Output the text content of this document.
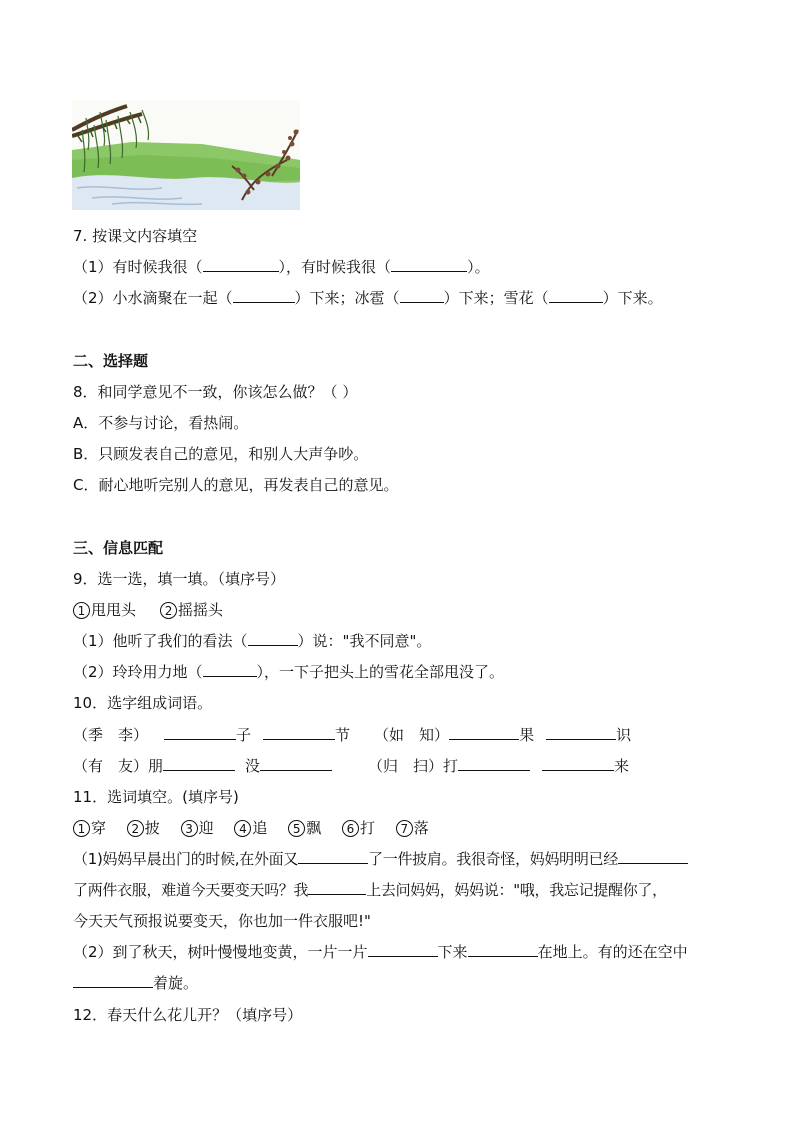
7. 按课文内容填空
（1）有时候我很（	），有时候我很（	）。
（2）小水滴聚在一起（	）下来；冰雹（	）下来；雪花（	）下来。
二、选择题
8．和同学意见不一致，你该怎么做？（ ）
A．不参与讨论，看热闹。
B．只顾发表自己的意见，和别人大声争吵。
C．耐心地听完别人的意见，再发表自己的意见。
三、信息匹配
9．选一选，填一填。（填序号）
1 甩甩头 2 摇摇头
（1）他听了我们的看法（	）说："我不同意"。
（2）玲玲用力地（	），一下子把头上的雪花全部甩没了。
10．选字组成词语。
（季　李）	子	节 （如　知）	果	识
（有　友）朋	没	（归　扫）打	来
11．选词填空。(填序号)
1 穿 2 披 3 迎 4 追 5 飘 6 打 7 落
（1)妈妈早晨出门的时候,在外面又	了一件披肩。我很奇怪，妈妈明明已经
了两件衣服，难道今天要变天吗？我	上去问妈妈，妈妈说："哦，我忘记提醒你了，
今天天气预报说要变天，你也加一件衣服吧!"
（2）到了秋天，树叶慢慢地变黄，一片一片	下来	在地上。有的还在空中
着旋。
12．春天什么花儿开？（填序号）
